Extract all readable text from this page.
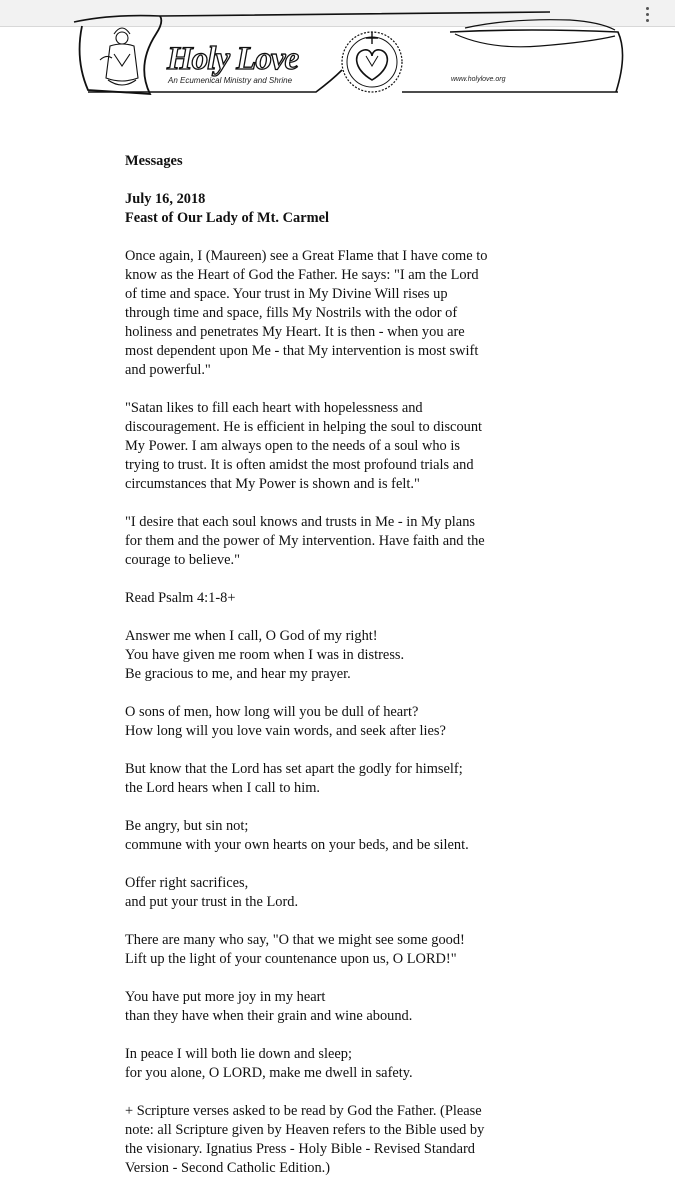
Holy Love
An Ecumenical Ministry and Shrine	www.holylove.org
Messages
July 16, 2018
Feast of Our Lady of Mt. Carmel

Once again, I (Maureen) see a Great Flame that I have come to
know as the Heart of God the Father. He says: "I am the Lord
of time and space. Your trust in My Divine Will rises up
through time and space, fills My Nostrils with the odor of
holiness and penetrates My Heart. It is then - when you are
most dependent upon Me - that My intervention is most swift
and powerful."

"Satan likes to fill each heart with hopelessness and
discouragement. He is efficient in helping the soul to discount
My Power. I am always open to the needs of a soul who is
trying to trust. It is often amidst the most profound trials and
circumstances that My Power is shown and is felt."

"I desire that each soul knows and trusts in Me - in My plans
for them and the power of My intervention. Have faith and the
courage to believe."

Read Psalm 4:1-8+

Answer me when I call, O God of my right!
You have given me room when I was in distress.
Be gracious to me, and hear my prayer.

O sons of men, how long will you be dull of heart?
How long will you love vain words, and seek after lies?

But know that the Lord has set apart the godly for himself;
the Lord hears when I call to him.

Be angry, but sin not;
commune with your own hearts on your beds, and be silent.

Offer right sacrifices,
and put your trust in the Lord.

There are many who say, "O that we might see some good!
Lift up the light of your countenance upon us, O LORD!"

You have put more joy in my heart
than they have when their grain and wine abound.

In peace I will both lie down and sleep;
for you alone, O LORD, make me dwell in safety.

+ Scripture verses asked to be read by God the Father. (Please
note: all Scripture given by Heaven refers to the Bible used by
the visionary. Ignatius Press - Holy Bible - Revised Standard
Version - Second Catholic Edition.)
